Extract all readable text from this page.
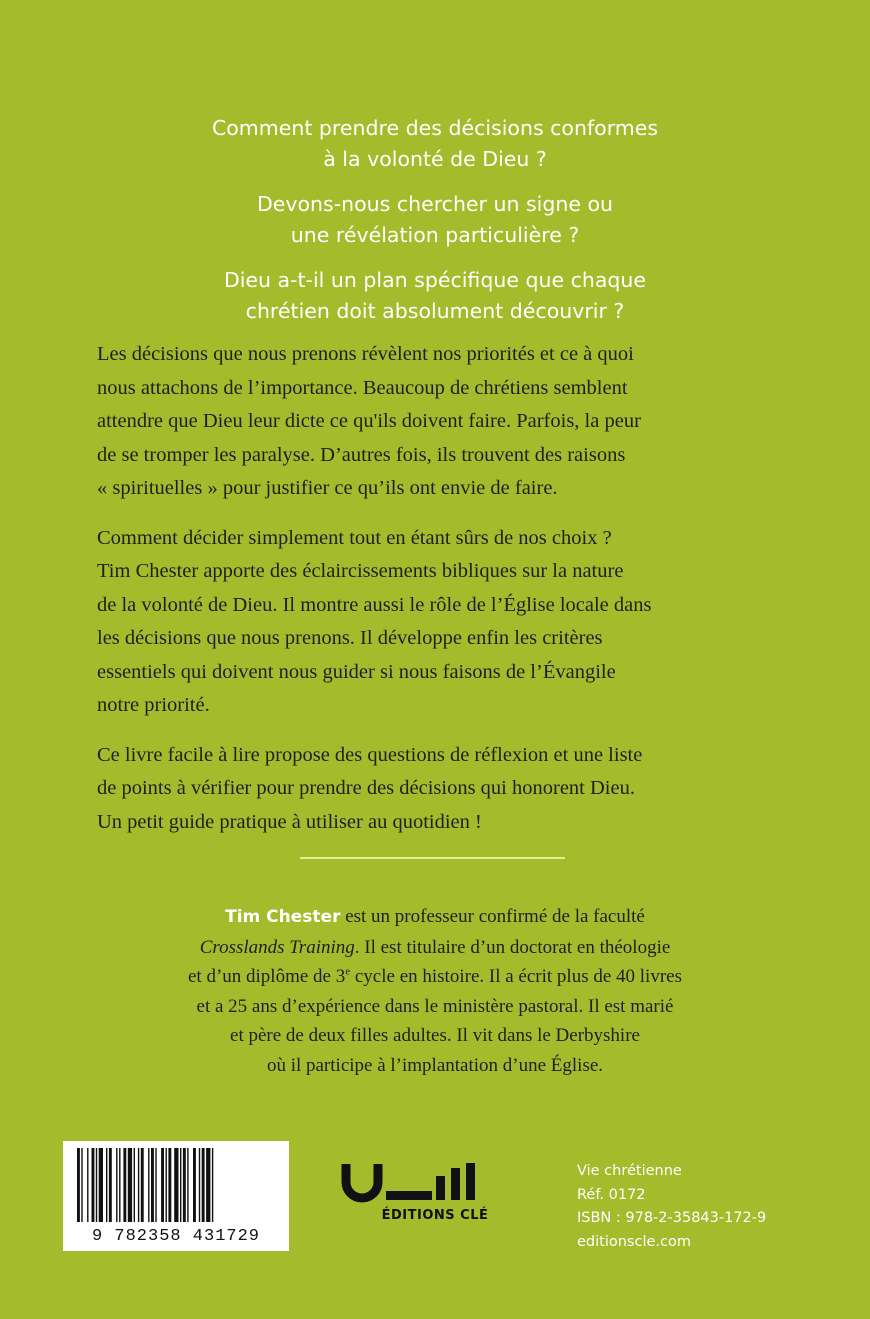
Comment prendre des décisions conformes
à la volonté de Dieu ?

Devons-nous chercher un signe ou
une révélation particulière ?

Dieu a-t-il un plan spécifique que chaque
chrétien doit absolument découvrir ?

Les décisions que nous prenons révèlent nos priorités et ce à quoi
nous attachons de l’importance. Beaucoup de chrétiens semblent
attendre que Dieu leur dicte ce qu'ils doivent faire. Parfois, la peur
de se tromper les paralyse. D’autres fois, ils trouvent des raisons
« spirituelles » pour justifier ce qu’ils ont envie de faire.

Comment décider simplement tout en étant sûrs de nos choix ?
Tim Chester apporte des éclaircissements bibliques sur la nature
de la volonté de Dieu. Il montre aussi le rôle de l’Église locale dans
les décisions que nous prenons. Il développe enfin les critères
essentiels qui doivent nous guider si nous faisons de l’Évangile
notre priorité.

Ce livre facile à lire propose des questions de réflexion et une liste
de points à vérifier pour prendre des décisions qui honorent Dieu.
Un petit guide pratique à utiliser au quotidien !

Tim Chester est un professeur confirmé de la faculté
Crosslands Training. Il est titulaire d’un doctorat en théologie
et d’un diplôme de 3e cycle en histoire. Il a écrit plus de 40 livres
et a 25 ans d’expérience dans le ministère pastoral. Il est marié
et père de deux filles adultes. Il vit dans le Derbyshire
où il participe à l’implantation d’une Église.
9 782358 431729
ÉDITIONS CLÉ
Vie chrétienne
Réf. 0172
ISBN : 978-2-35843-172-9
editionscle.com
